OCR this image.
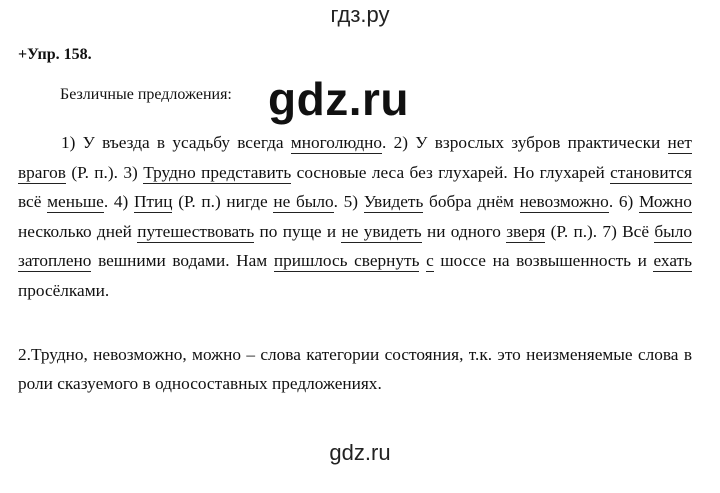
гдз.ру
+Упр. 158.
Безличные предложения: gdz.ru

1) У въезда в усадьбу всегда многолюдно. 2) У взрослых зубров практически нет врагов (Р. п.). 3) Трудно представить сосновые леса без глухарей. Но глухарей становится всё меньше. 4) Птиц (Р. п.) нигде не было. 5) Увидеть бобра днём невозможно. 6) Можно несколько дней путешествовать по пуще и не увидеть ни одного зверя (Р. п.). 7) Всё было затоплено вешними водами. Нам пришлось свернуть с шоссе на возвышенность и ехать просёлками.

2.Трудно, невозможно, можно – слова категории состояния, т.к. это неизменяемые слова в роли сказуемого в односоставных предложениях.

gdz.ru
